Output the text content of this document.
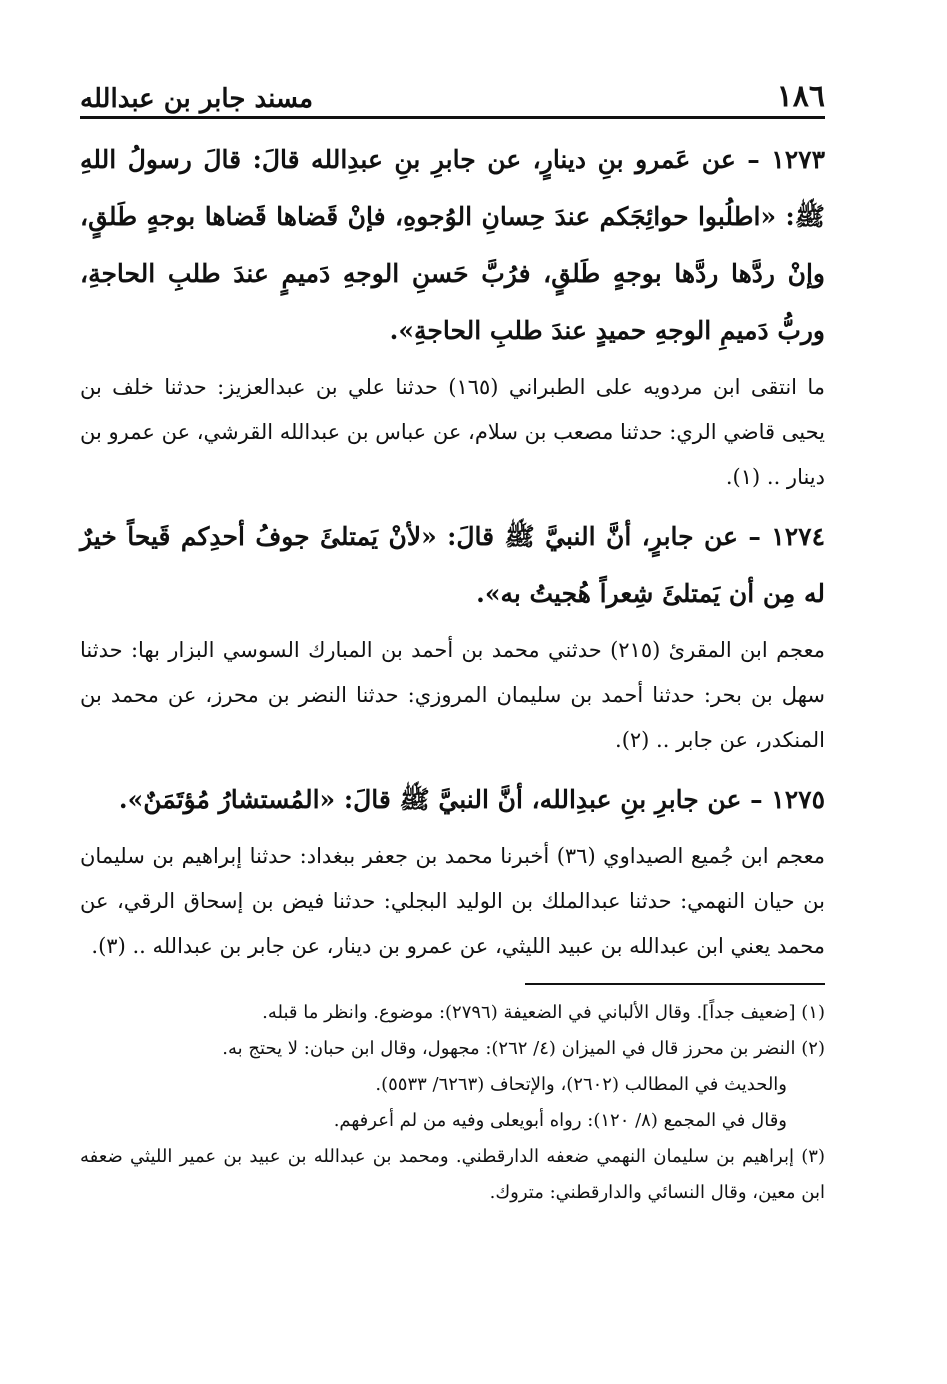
١٨٦
مسند جابر بن عبدالله

١٢٧٣ – عن عَمرو بنِ دينارٍ، عن جابرِ بنِ عبدِالله قالَ: قالَ رسولُ اللهِ ﷺ: «اطلُبوا حوائِجَكم عندَ حِسانِ الوُجوهِ، فإنْ قَضاها قَضاها بوجهٍ طَلقٍ، وإنْ ردَّها ردَّها بوجهٍ طَلقٍ، فرُبَّ حَسنِ الوجهِ دَميمٍ عندَ طلبِ الحاجةِ، وربُّ دَميمِ الوجهِ حميدٍ عندَ طلبِ الحاجةِ».

ما انتقى ابن مردويه على الطبراني (١٦٥) حدثنا علي بن عبدالعزيز: حدثنا خلف بن يحيى قاضي الري: حدثنا مصعب بن سلام، عن عباس بن عبدالله القرشي، عن عمرو بن دينار .. (١).

١٢٧٤ – عن جابرٍ، أنَّ النبيَّ ﷺ قالَ: «لأنْ يَمتلئَ جوفُ أحدِكم قَيحاً خيرٌ له مِن أن يَمتلئَ شِعراً هُجيتُ به».

معجم ابن المقرئ (٢١٥) حدثني محمد بن أحمد بن المبارك السوسي البزار بها: حدثنا سهل بن بحر: حدثنا أحمد بن سليمان المروزي: حدثنا النضر بن محرز، عن محمد بن المنكدر، عن جابر .. (٢).

١٢٧٥ – عن جابرِ بنِ عبدِالله، أنَّ النبيَّ ﷺ قالَ: «المُستشارُ مُؤتَمَنٌ».

معجم ابن جُميع الصيداوي (٣٦) أخبرنا محمد بن جعفر ببغداد: حدثنا إبراهيم بن سليمان بن حيان النهمي: حدثنا عبدالملك بن الوليد البجلي: حدثنا فيض بن إسحاق الرقي، عن محمد يعني ابن عبدالله بن عبيد الليثي، عن عمرو بن دينار، عن جابر بن عبدالله .. (٣).

(١) [ضعيف جداً]. وقال الألباني في الضعيفة (٢٧٩٦): موضوع. وانظر ما قبله.

(٢) النضر بن محرز قال في الميزان (٤/ ٢٦٢): مجهول، وقال ابن حبان: لا يحتج به.

والحديث في المطالب (٢٦٠٢)، والإتحاف (٦٢٦٣/ ٥٥٣٣).

وقال في المجمع (٨/ ١٢٠): رواه أبويعلى وفيه من لم أعرفهم.

(٣) إبراهيم بن سليمان النهمي ضعفه الدارقطني. ومحمد بن عبدالله بن عبيد بن عمير الليثي ضعفه ابن معين، وقال النسائي والدارقطني: متروك.
